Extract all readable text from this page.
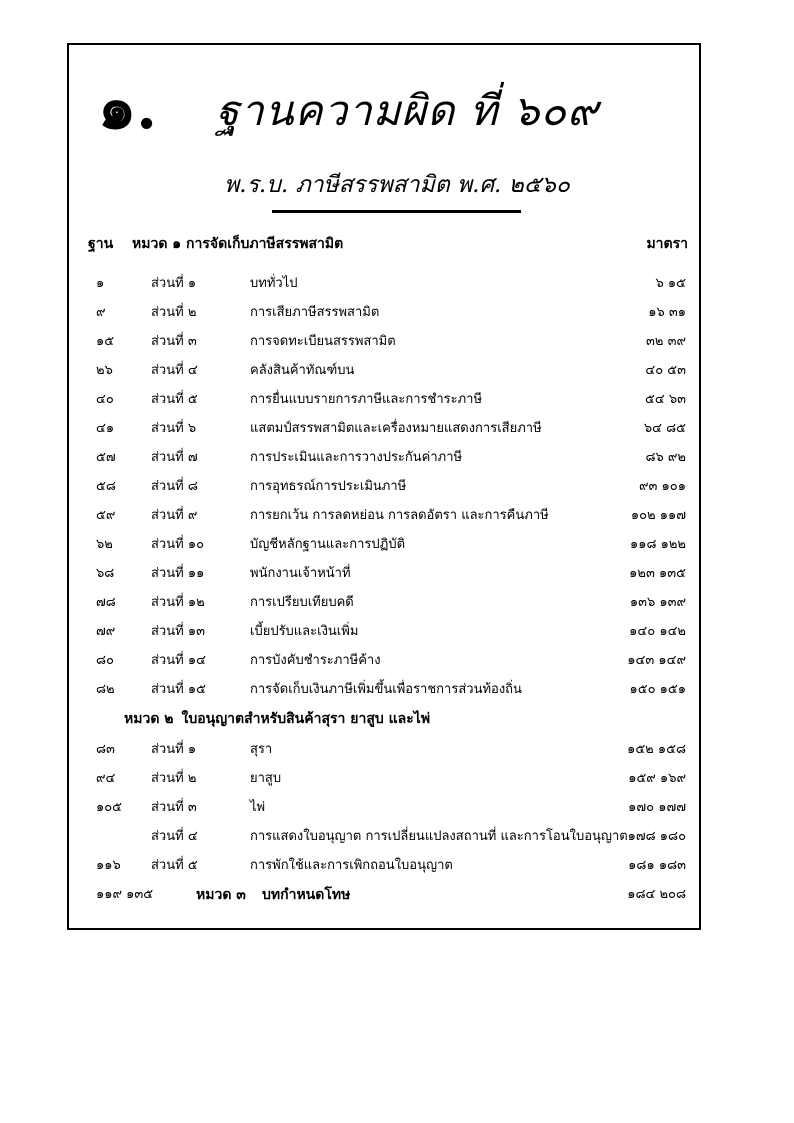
๑. ฐานความผิด ที่ ๖๐๙
พ.ร.บ. ภาษีสรรพสามิต พ.ศ. ๒๕๖๐
ฐาน หมวด ๑ การจัดเก็บภาษีสรรพสามิต	มาตรา
๑	ส่วนที่ ๑	บททั่วไป	๖ ๑๕
๙	ส่วนที่ ๒	การเสียภาษีสรรพสามิต	๑๖ ๓๑
๑๕	ส่วนที่ ๓	การจดทะเบียนสรรพสามิต	๓๒ ๓๙
๒๖	ส่วนที่ ๔	คลังสินค้าทัณฑ์บน	๔๐ ๕๓
๔๐	ส่วนที่ ๕	การยื่นแบบรายการภาษีและการชำระภาษี	๕๔ ๖๓
๔๑	ส่วนที่ ๖	แสตมป์สรรพสามิตและเครื่องหมายแสดงการเสียภาษี	๖๔ ๘๕
๕๗	ส่วนที่ ๗	การประเมินและการวางประกันค่าภาษี	๘๖ ๙๒
๕๘	ส่วนที่ ๘	การอุทธรณ์การประเมินภาษี	๙๓ ๑๐๑
๕๙	ส่วนที่ ๙	การยกเว้น การลดหย่อน การลดอัตรา และการคืนภาษี	๑๐๒ ๑๑๗
๖๒	ส่วนที่ ๑๐	บัญชีหลักฐานและการปฏิบัติ	๑๑๘ ๑๒๒
๖๘	ส่วนที่ ๑๑	พนักงานเจ้าหน้าที่	๑๒๓ ๑๓๕
๗๘	ส่วนที่ ๑๒	การเปรียบเทียบคดี	๑๓๖ ๑๓๙
๗๙	ส่วนที่ ๑๓	เบี้ยปรับและเงินเพิ่ม	๑๔๐ ๑๔๒
๘๐	ส่วนที่ ๑๔	การบังคับชำระภาษีค้าง	๑๔๓ ๑๔๙
๘๒	ส่วนที่ ๑๕	การจัดเก็บเงินภาษีเพิ่มขึ้นเพื่อราชการส่วนท้องถิ่น	๑๕๐ ๑๕๑
หมวด ๒ ใบอนุญาตสำหรับสินค้าสุรา ยาสูบ และไพ่
๘๓	ส่วนที่ ๑	สุรา	๑๕๒ ๑๕๘
๙๔	ส่วนที่ ๒	ยาสูบ	๑๕๙ ๑๖๙
๑๐๕ ส่วนที่ ๓	ไพ่	๑๗๐ ๑๗๗
ส่วนที่ ๔	การแสดงใบอนุญาต การเปลี่ยนแปลงสถานที่ และการโอนใบอนุญาต ๑๗๘ ๑๘๐
๑๑๖ ส่วนที่ ๕	การพักใช้และการเพิกถอนใบอนุญาต	๑๘๑ ๑๘๓
๑๑๙ ๑๓๕	หมวด ๓ บทกำหนดโทษ	๑๘๔ ๒๐๘
